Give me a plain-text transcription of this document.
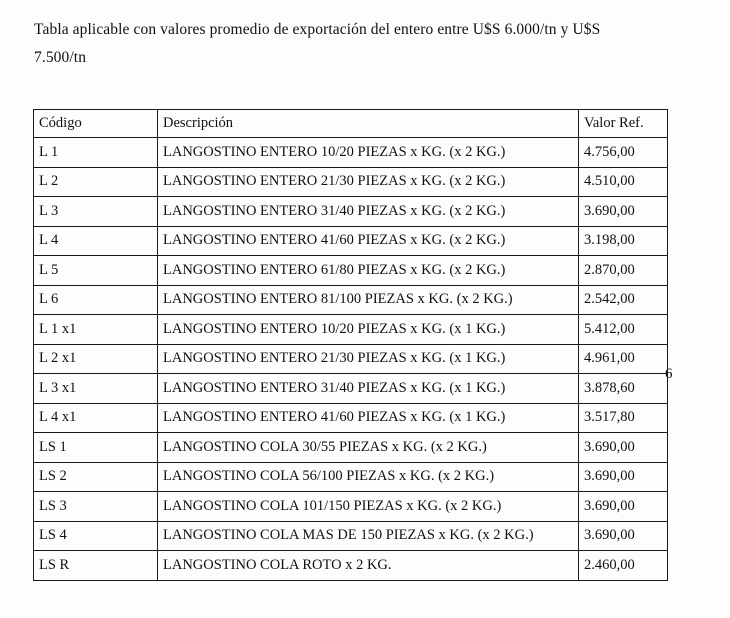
Tabla aplicable con valores promedio de exportación del entero entre U$S 6.000/tn y U$S
7.500/tn
Código	Descripción	Valor Ref.
L 1	LANGOSTINO ENTERO 10/20 PIEZAS x KG. (x 2 KG.)	4.756,00
L 2	LANGOSTINO ENTERO 21/30 PIEZAS x KG. (x 2 KG.)	4.510,00
L 3	LANGOSTINO ENTERO 31/40 PIEZAS x KG. (x 2 KG.)	3.690,00
L 4	LANGOSTINO ENTERO 41/60 PIEZAS x KG. (x 2 KG.)	3.198,00
L 5	LANGOSTINO ENTERO 61/80 PIEZAS x KG. (x 2 KG.)	2.870,00
L 6	LANGOSTINO ENTERO 81/100 PIEZAS x KG. (x 2 KG.)	2.542,00
L 1 x1	LANGOSTINO ENTERO 10/20 PIEZAS x KG. (x 1 KG.)	5.412,00
L 2 x1	LANGOSTINO ENTERO 21/30 PIEZAS x KG. (x 1 KG.)	4.961,00
L 3 x1	LANGOSTINO ENTERO 31/40 PIEZAS x KG. (x 1 KG.)	3.878,60
L 4 x1	LANGOSTINO ENTERO 41/60 PIEZAS x KG. (x 1 KG.)	3.517,80
LS 1	LANGOSTINO COLA 30/55 PIEZAS x KG. (x 2 KG.)	3.690,00
LS 2	LANGOSTINO COLA 56/100 PIEZAS x KG. (x 2 KG.)	3.690,00
LS 3	LANGOSTINO COLA 101/150 PIEZAS x KG. (x 2 KG.)	3.690,00
LS 4	LANGOSTINO COLA MAS DE 150 PIEZAS x KG. (x 2 KG.)	3.690,00
LS R	LANGOSTINO COLA ROTO x 2 KG.	2.460,00
6
